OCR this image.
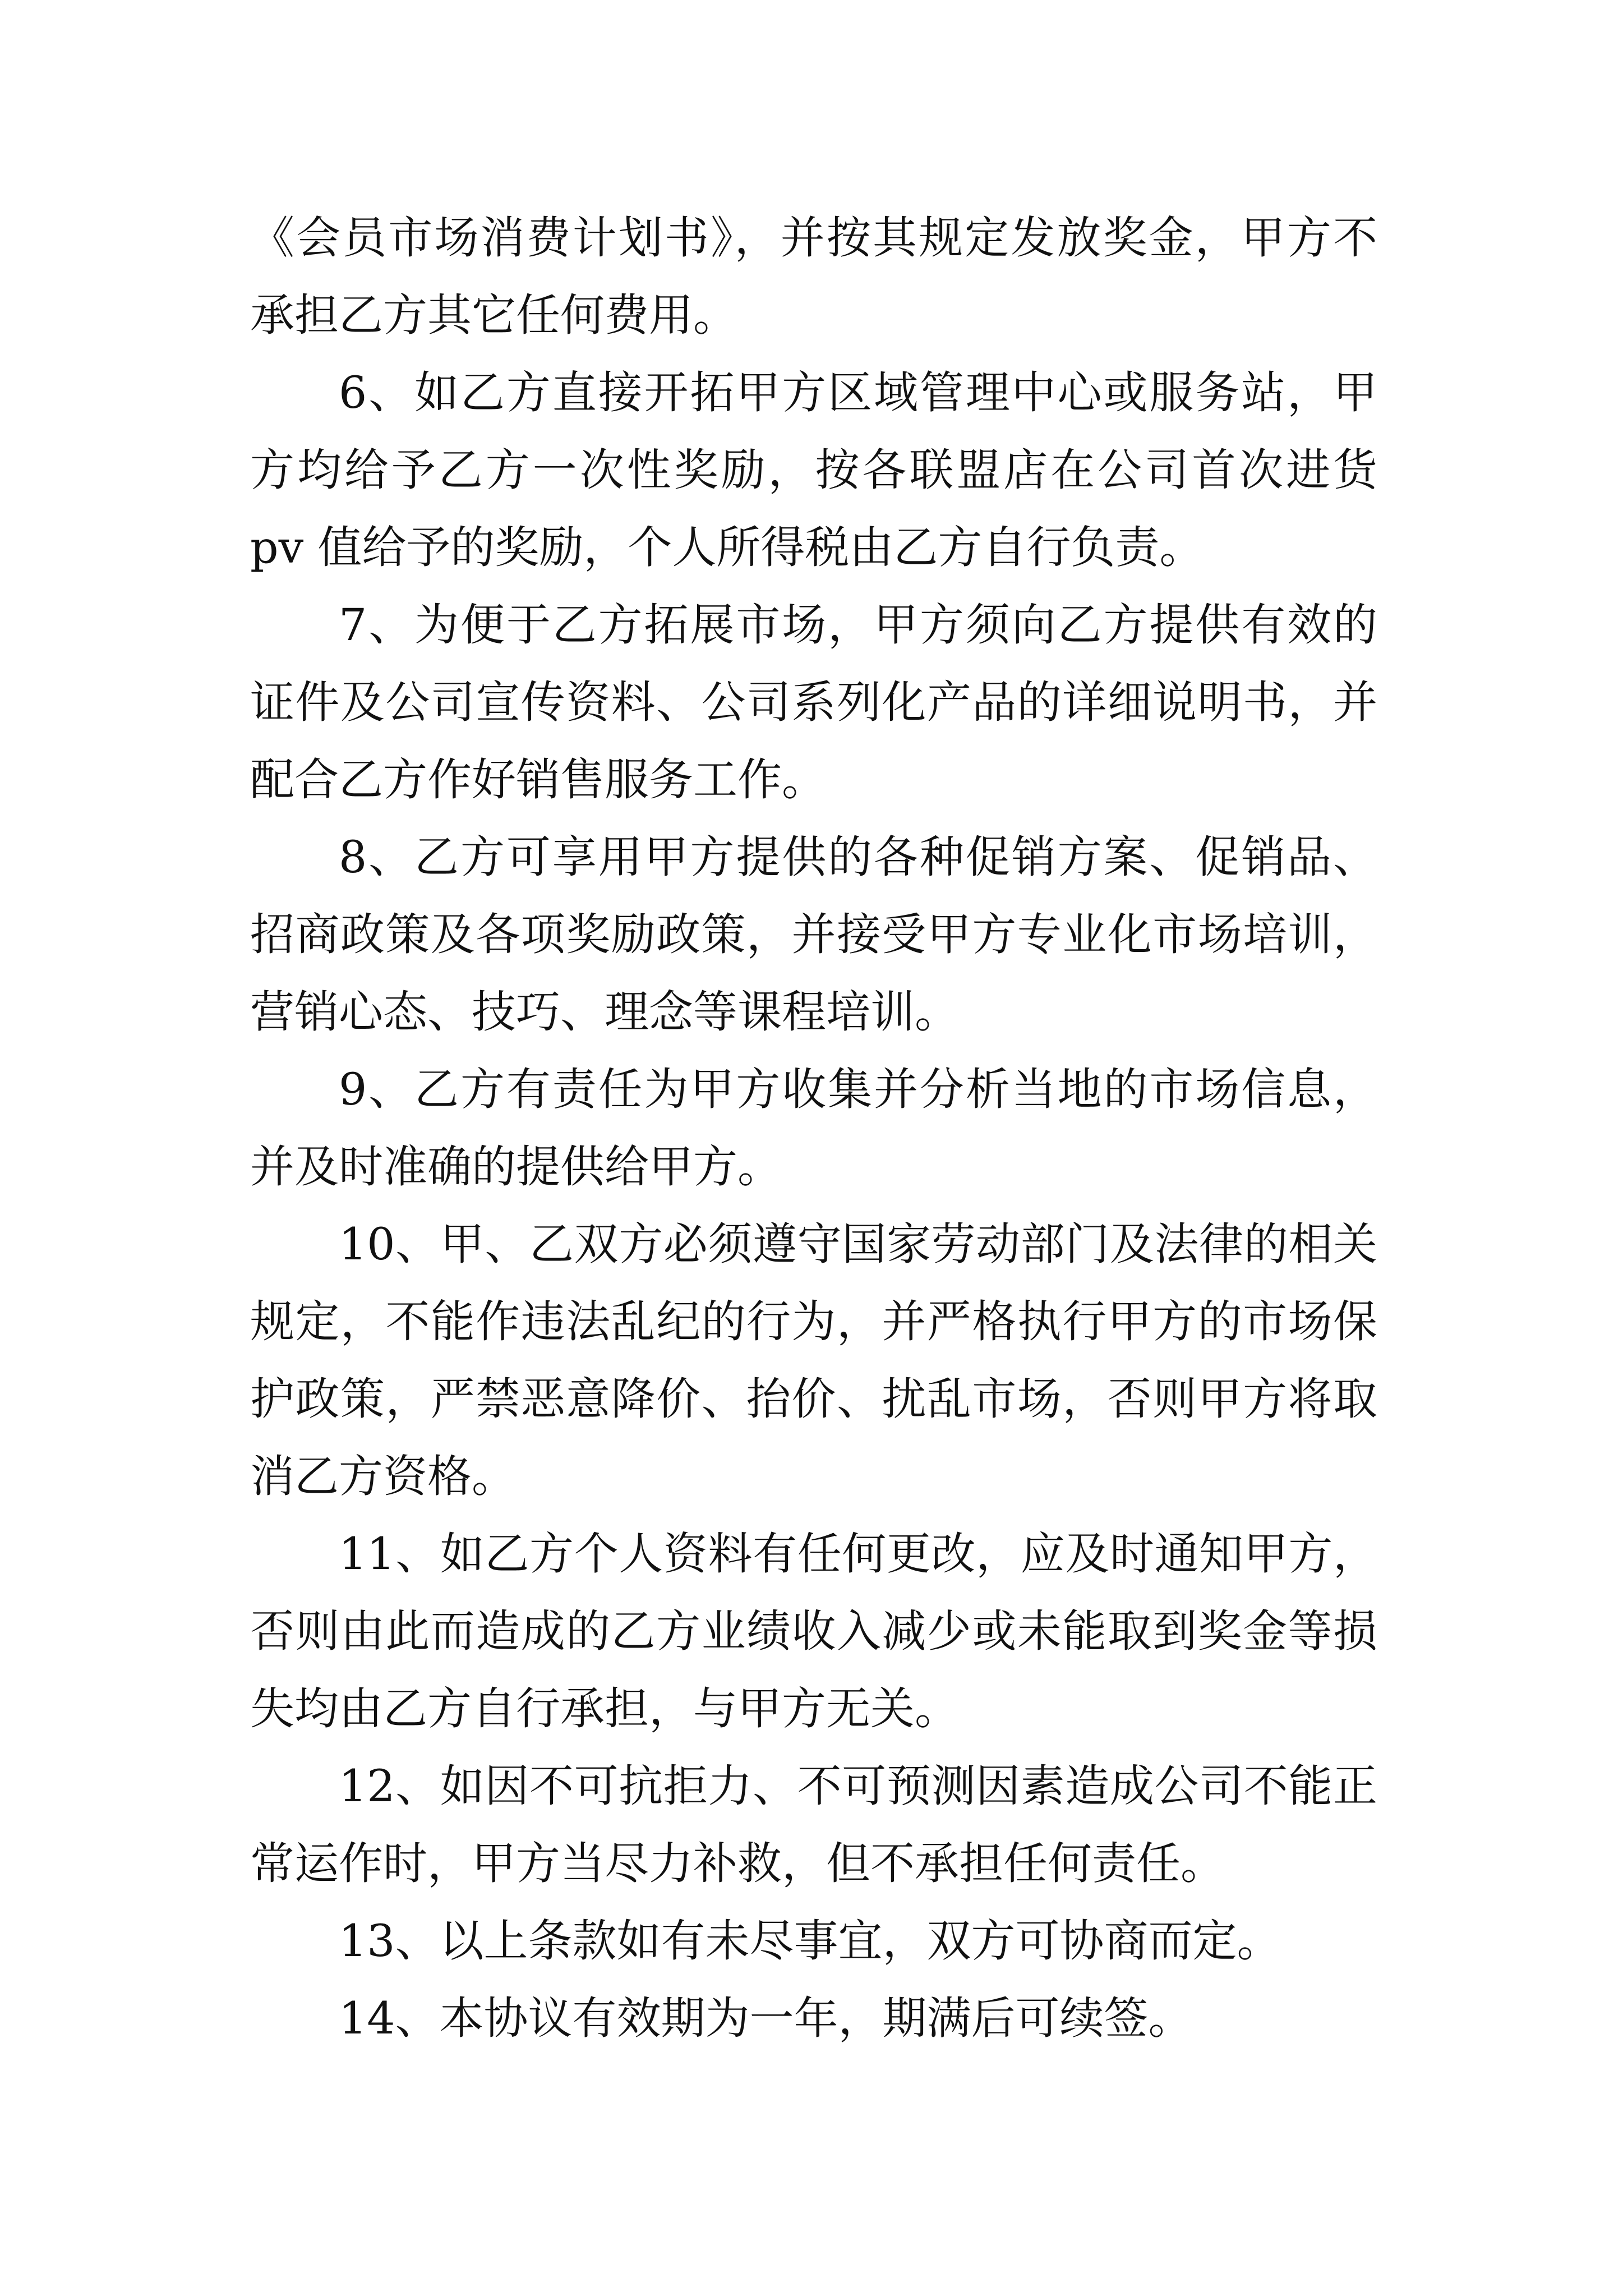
《会员市场消费计划书》，并按其规定发放奖金，甲方不承担乙方其它任何费用。

6、如乙方直接开拓甲方区域管理中心或服务站，甲方均给予乙方一次性奖励，按各联盟店在公司首次进货 pv 值给予的奖励，个人所得税由乙方自行负责。

7、为便于乙方拓展市场，甲方须向乙方提供有效的证件及公司宣传资料、公司系列化产品的详细说明书，并配合乙方作好销售服务工作。

8、乙方可享用甲方提供的各种促销方案、促销品、招商政策及各项奖励政策，并接受甲方专业化市场培训，营销心态、技巧、理念等课程培训。

9、乙方有责任为甲方收集并分析当地的市场信息，并及时准确的提供给甲方。

10、甲、乙双方必须遵守国家劳动部门及法律的相关规定，不能作违法乱纪的行为，并严格执行甲方的市场保护政策，严禁恶意降价、抬价、扰乱市场，否则甲方将取消乙方资格。

11、如乙方个人资料有任何更改，应及时通知甲方，否则由此而造成的乙方业绩收入减少或未能取到奖金等损失均由乙方自行承担，与甲方无关。

12、如因不可抗拒力、不可预测因素造成公司不能正常运作时，甲方当尽力补救，但不承担任何责任。

13、以上条款如有未尽事宜，双方可协商而定。

14、本协议有效期为一年，期满后可续签。
